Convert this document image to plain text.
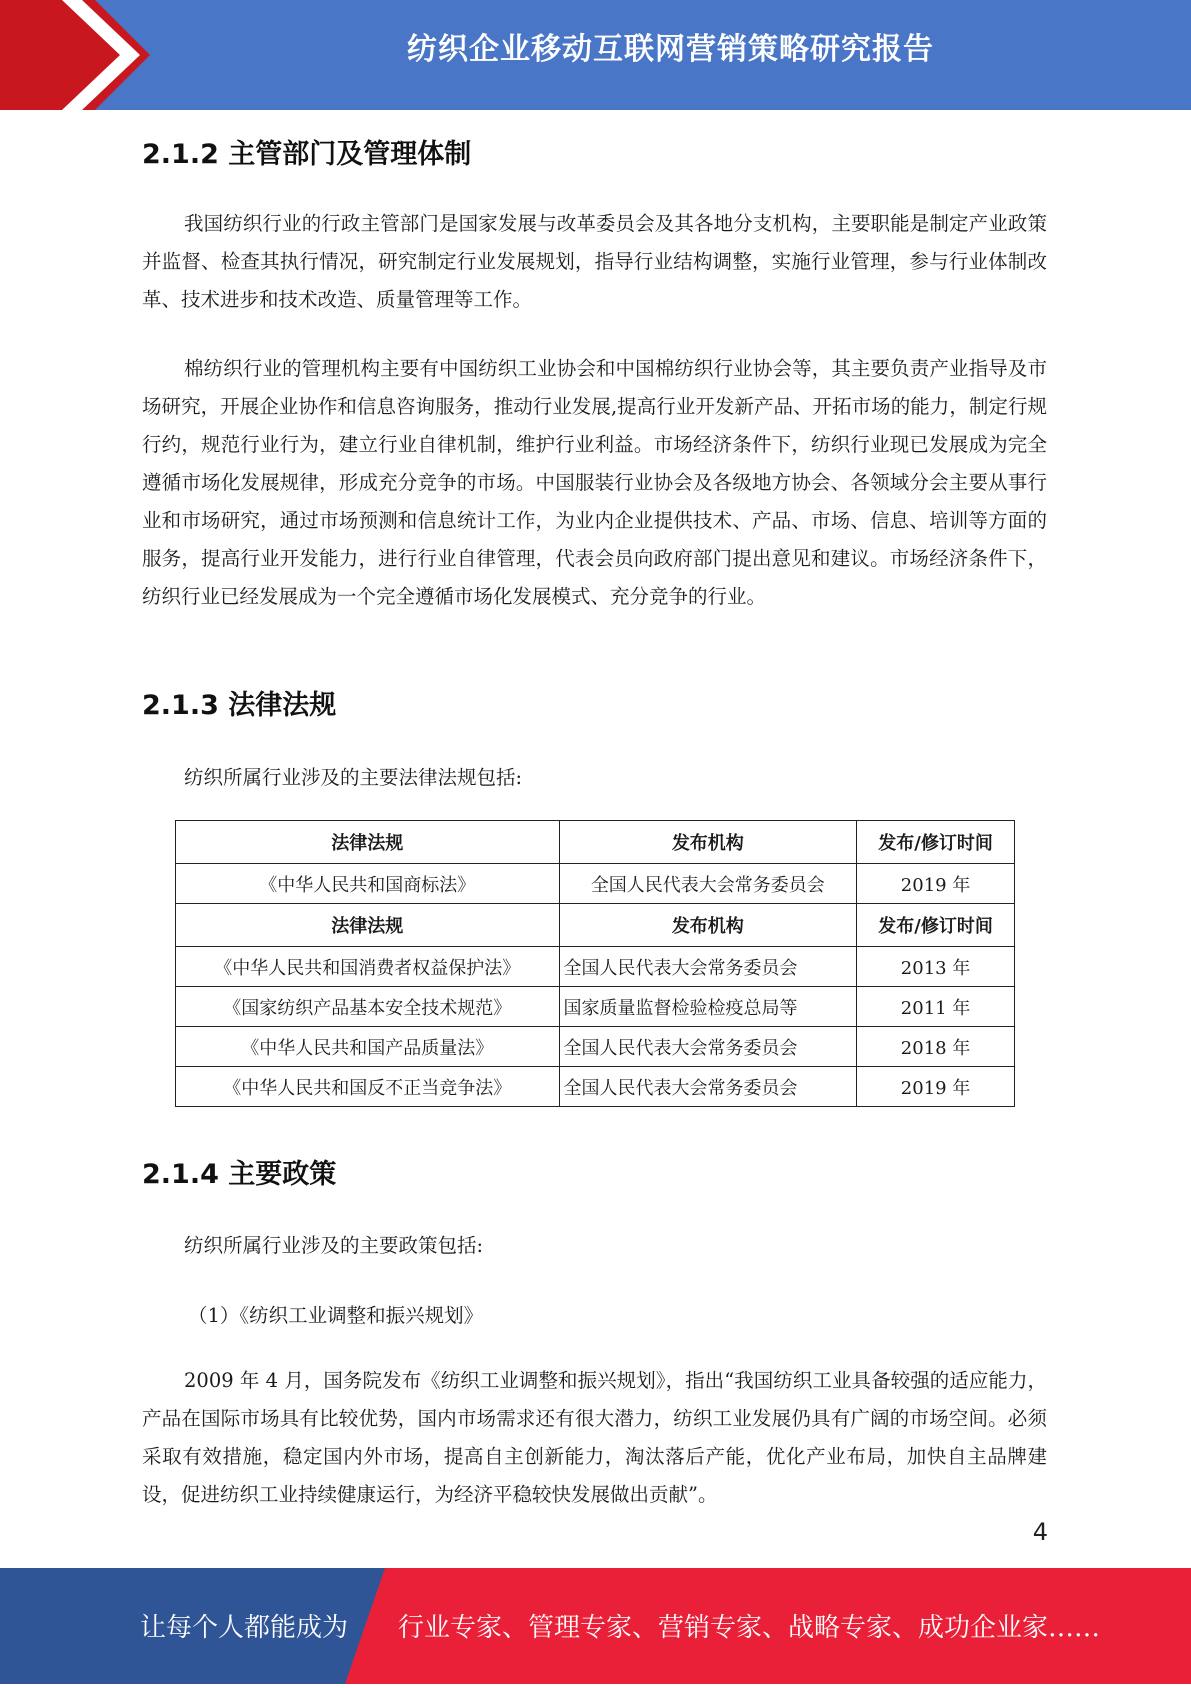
纺织企业移动互联网营销策略研究报告
2.1.2 主管部门及管理体制

我国纺织行业的行政主管部门是国家发展与改革委员会及其各地分支机构，主要职能是制定产业政策并监督、检查其执行情况，研究制定行业发展规划，指导行业结构调整，实施行业管理，参与行业体制改革、技术进步和技术改造、质量管理等工作。

棉纺织行业的管理机构主要有中国纺织工业协会和中国棉纺织行业协会等，其主要负责产业指导及市场研究，开展企业协作和信息咨询服务，推动行业发展,提高行业开发新产品、开拓市场的能力，制定行规行约，规范行业行为，建立行业自律机制，维护行业利益。市场经济条件下，纺织行业现已发展成为完全遵循市场化发展规律，形成充分竞争的市场。中国服装行业协会及各级地方协会、各领域分会主要从事行业和市场研究，通过市场预测和信息统计工作，为业内企业提供技术、产品、市场、信息、培训等方面的服务，提高行业开发能力，进行行业自律管理，代表会员向政府部门提出意见和建议。市场经济条件下，纺织行业已经发展成为一个完全遵循市场化发展模式、充分竞争的行业。

2.1.3 法律法规
纺织所属行业涉及的主要法律法规包括:
法律法规	发布机构	发布/修订时间
《中华人民共和国商标法》	全国人民代表大会常务委员会	2019 年
法律法规	发布机构	发布/修订时间
《中华人民共和国消费者权益保护法》	全国人民代表大会常务委员会	2013 年
《国家纺织产品基本安全技术规范》	国家质量监督检验检疫总局等	2011 年
《中华人民共和国产品质量法》	全国人民代表大会常务委员会	2018 年
《中华人民共和国反不正当竞争法》	全国人民代表大会常务委员会	2019 年
2.1.4 主要政策
纺织所属行业涉及的主要政策包括:
（1）《纺织工业调整和振兴规划》

2009 年 4 月，国务院发布《纺织工业调整和振兴规划》，指出“我国纺织工业具备较强的适应能力，产品在国际市场具有比较优势，国内市场需求还有很大潜力，纺织工业发展仍具有广阔的市场空间。必须采取有效措施，稳定国内外市场，提高自主创新能力，淘汰落后产能，优化产业布局，加快自主品牌建设，促进纺织工业持续健康运行，为经济平稳较快发展做出贡献”。

4
让每个人都能成为 行业专家、管理专家、营销专家、战略专家、成功企业家……
